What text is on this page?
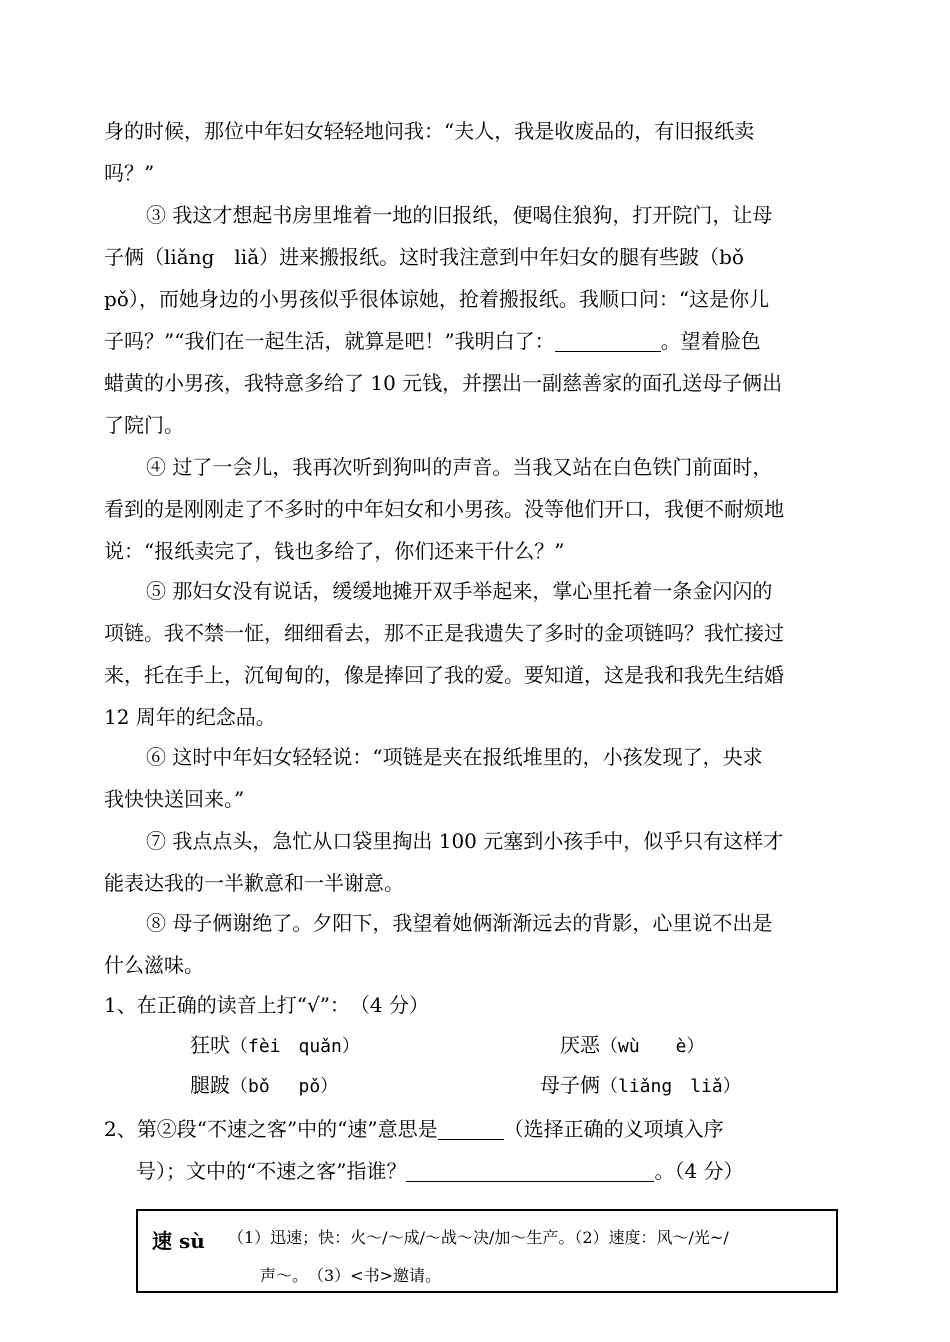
身的时候，那位中年妇女轻轻地问我：“夫人，我是收废品的，有旧报纸卖
吗？”
③ 我这才想起书房里堆着一地的旧报纸，便喝住狼狗，打开院门，让母
子俩（liǎng　liǎ）进来搬报纸。这时我注意到中年妇女的腿有些跛（bǒ
pǒ），而她身边的小男孩似乎很体谅她，抢着搬报纸。我顺口问：“这是你儿
子吗？”“我们在一起生活，就算是吧！”我明白了：	。望着脸色
蜡黄的小男孩，我特意多给了 10 元钱，并摆出一副慈善家的面孔送母子俩出
了院门。
④ 过了一会儿，我再次听到狗叫的声音。当我又站在白色铁门前面时，
看到的是刚刚走了不多时的中年妇女和小男孩。没等他们开口，我便不耐烦地
说：“报纸卖完了，钱也多给了，你们还来干什么？”
⑤ 那妇女没有说话，缓缓地摊开双手举起来，掌心里托着一条金闪闪的
项链。我不禁一怔，细细看去，那不正是我遗失了多时的金项链吗？我忙接过
来，托在手上，沉甸甸的，像是捧回了我的爱。要知道，这是我和我先生结婚
12 周年的纪念品。
⑥ 这时中年妇女轻轻说：“项链是夹在报纸堆里的，小孩发现了，央求
我快快送回来。”
⑦ 我点点头，急忙从口袋里掏出 100 元塞到小孩手中，似乎只有这样才
能表达我的一半歉意和一半谢意。
⑧ 母子俩谢绝了。夕阳下，我望着她俩渐渐远去的背影，心里说不出是
什么滋味。
1、在正确的读音上打“√”：　（4 分）
狂吠（fèi　quǎn）	厌恶（wù　　è）
腿跛（bǒ　 pǒ）	母子俩（liǎng　liǎ）
2、第②段“不速之客”中的“速”意思是	（选择正确的义项填入序
号）；文中的“不速之客”指谁？	。（4 分）
速 sù （1）迅速；快：火～/～成/～战～决/加～生产。（2）速度：风～/光~/
声～。　（3）<书>邀请。
